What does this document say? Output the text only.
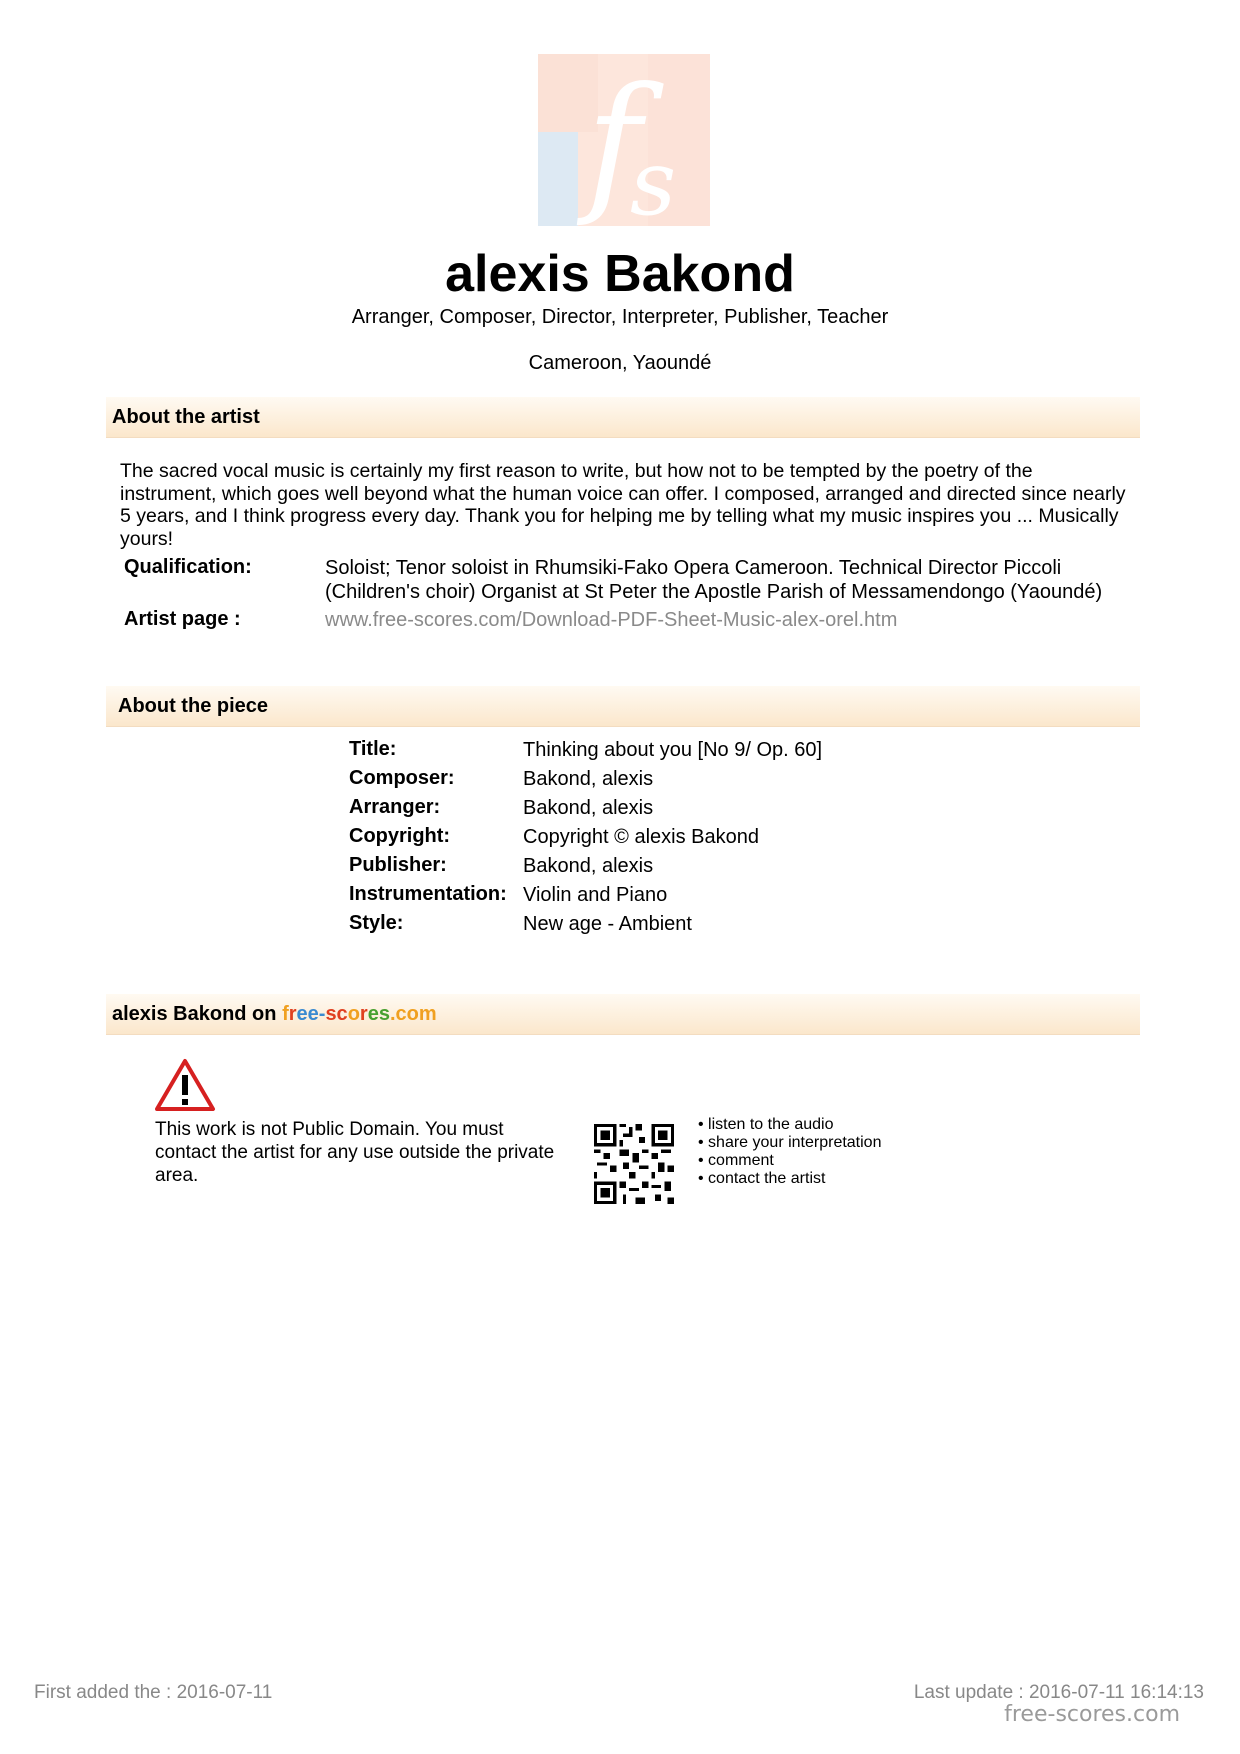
f
s
alexis Bakond
Arranger, Composer, Director, Interpreter, Publisher, Teacher
Cameroon, Yaoundé
About the artist
The sacred vocal music is certainly my first reason to write, but how not to be tempted by the poetry of the instrument, which goes well beyond what the human voice can offer. I composed, arranged and directed since nearly 5 years, and I think progress every day. Thank you for helping me by telling what my music inspires you ... Musically yours!
Qualification:	Soloist; Tenor soloist in Rhumsiki-Fako Opera Cameroon. Technical Director Piccoli (Children's choir) Organist at St Peter the Apostle Parish of Messamendongo (Yaoundé)
Artist page :	www.free-scores.com/Download-PDF-Sheet-Music-alex-orel.htm
About the piece
Title:	Thinking about you [No 9/ Op. 60]
Composer:	Bakond, alexis
Arranger:	Bakond, alexis
Copyright:	Copyright © alexis Bakond
Publisher:	Bakond, alexis
Instrumentation: Violin and Piano
Style:	New age - Ambient
alexis Bakond on free-scores.com
This work is not Public Domain. You must contact the artist for any use outside the private area.
• listen to the audio
• share your interpretation
• comment
• contact the artist
First added the : 2016-07-11	Last update : 2016-07-11 16:14:13
free-scores.com
